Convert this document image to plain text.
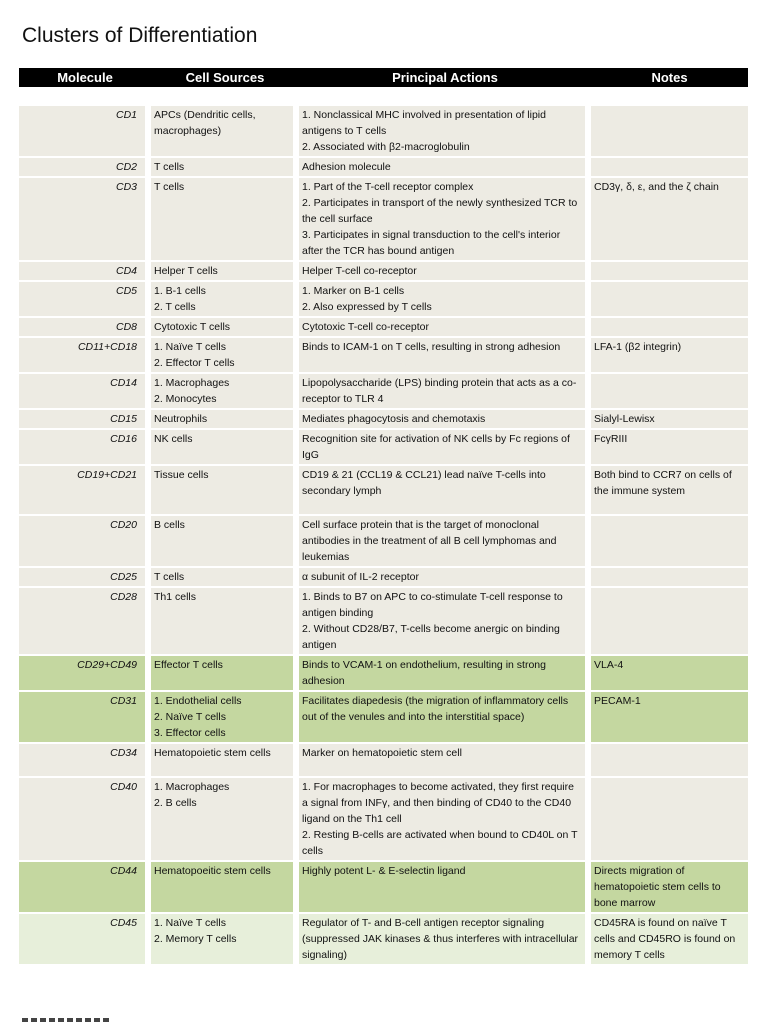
Clusters of Differentiation
Molecule	Cell Sources	Principal Actions	Notes

CD1	APCs (Dendritic cells, macrophages)	1. Nonclassical MHC involved in presentation of lipid antigens to T cells
2. Associated with β2-macroglobulin	

CD2	T cells	Adhesion molecule	

CD3	T cells	1. Part of the T-cell receptor complex
2. Participates in transport of the newly synthesized TCR to the cell surface
3. Participates in signal transduction to the cell's interior after the TCR has bound antigen	CD3γ, δ, ε, and the ζ chain

CD4	Helper T cells	Helper T-cell co-receptor	

CD5	1. B-1 cells
2. T cells	1. Marker on B-1 cells
2. Also expressed by T cells	

CD8	Cytotoxic T cells	Cytotoxic T-cell co-receptor	

CD11+CD18	1. Naïve T cells
2. Effector T cells	Binds to ICAM-1 on T cells, resulting in strong adhesion	LFA-1 (β2 integrin)

CD14	1. Macrophages
2. Monocytes	Lipopolysaccharide (LPS) binding protein that acts as a co-receptor to TLR 4	

CD15	Neutrophils	Mediates phagocytosis and chemotaxis	Sialyl-Lewisx

CD16	NK cells	Recognition site for activation of NK cells by Fc regions of IgG	FcγRIII

CD19+CD21	Tissue cells	CD19 & 21 (CCL19 & CCL21) lead naïve T-cells into secondary lymph	Both bind to CCR7 on cells of the immune system

CD20	B cells	Cell surface protein that is the target of monoclonal antibodies in the treatment of all B cell lymphomas and leukemias	

CD25	T cells	α subunit of IL-2 receptor	

CD28	Th1 cells	1. Binds to B7 on APC to co-stimulate T-cell response to antigen binding
2. Without CD28/B7, T-cells become anergic on binding antigen	

CD29+CD49	Effector T cells	Binds to VCAM-1 on endothelium, resulting in strong adhesion	VLA-4

CD31	1. Endothelial cells
2. Naïve T cells
3. Effector cells	Facilitates diapedesis (the migration of inflammatory cells out of the venules and into the interstitial space)	PECAM-1

CD34	Hematopoietic stem cells	Marker on hematopoietic stem cell	

CD40	1. Macrophages
2. B cells	1. For macrophages to become activated, they first require a signal from INFγ, and then binding of CD40 to the CD40 ligand on the Th1 cell
2. Resting B-cells are activated when bound to CD40L on T cells	

CD44	Hematopoeitic stem cells	Highly potent L- & E-selectin ligand	Directs migration of hematopoietic stem cells to bone marrow

CD45	1. Naïve T cells
2. Memory T cells	Regulator of T- and B-cell antigen receptor signaling (suppressed JAK kinases & thus interferes with intracellular signaling)	CD45RA is found on naïve T cells and CD45RO is found on memory T cells
